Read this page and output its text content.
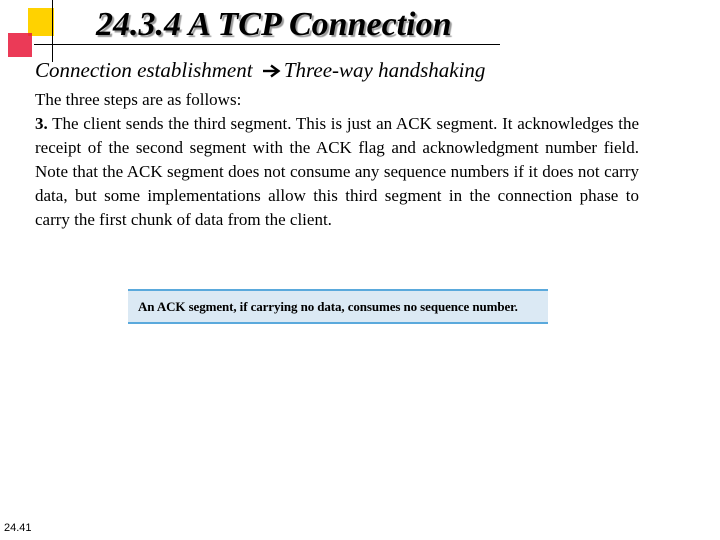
24.3.4 A TCP Connection
Connection establishment Three-way handshaking

The three steps are as follows:

3. The client sends the third segment. This is just an ACK segment. It acknowledges the receipt of the second segment with the ACK flag and acknowledgment number field. Note that the ACK segment does not consume any sequence numbers if it does not carry data, but some implementations allow this third segment in the connection phase to carry the first chunk of data from the client.

An ACK segment, if carrying no data, consumes no sequence number.
24.41
